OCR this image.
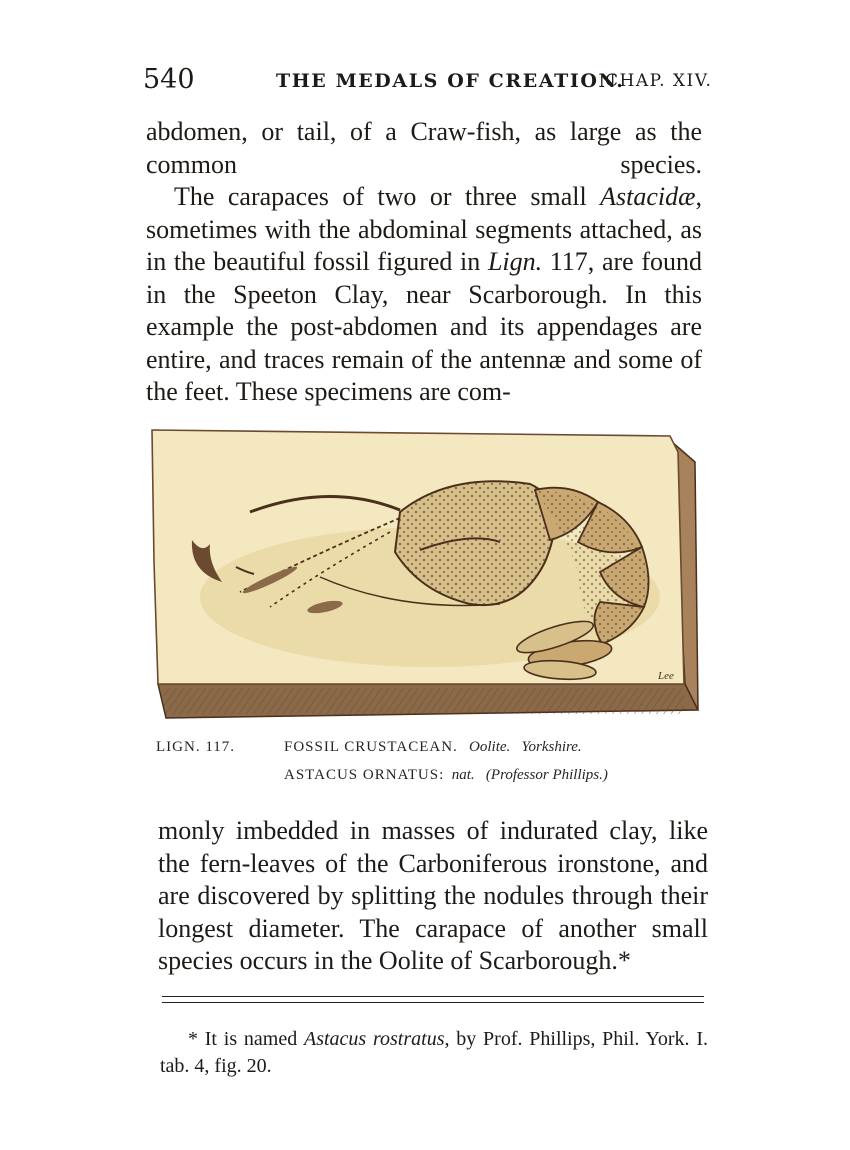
540	THE MEDALS OF CREATION.
CHAP. XIV.

abdomen, or tail, of a Craw-fish, as large as the common species.

The carapaces of two or three small Astacidæ, sometimes with the abdominal segments attached, as in the beautiful fossil figured in Lign. 117, are found in the Speeton Clay, near Scarborough. In this example the post-abdomen and its appendages are entire, and traces remain of the antennæ and some of the feet. These specimens are com-

Lee
LIGN. 117.	FOSSIL CRUSTACEAN. Oolite. Yorkshire.
ASTACUS ORNATUS: nat. (Professor Phillips.)

monly imbedded in masses of indurated clay, like the fern-leaves of the Carboniferous ironstone, and are discovered by splitting the nodules through their longest diameter. The carapace of another small species occurs in the Oolite of Scarborough.*

* It is named Astacus rostratus, by Prof. Phillips, Phil. York. I. tab. 4, fig. 20.
